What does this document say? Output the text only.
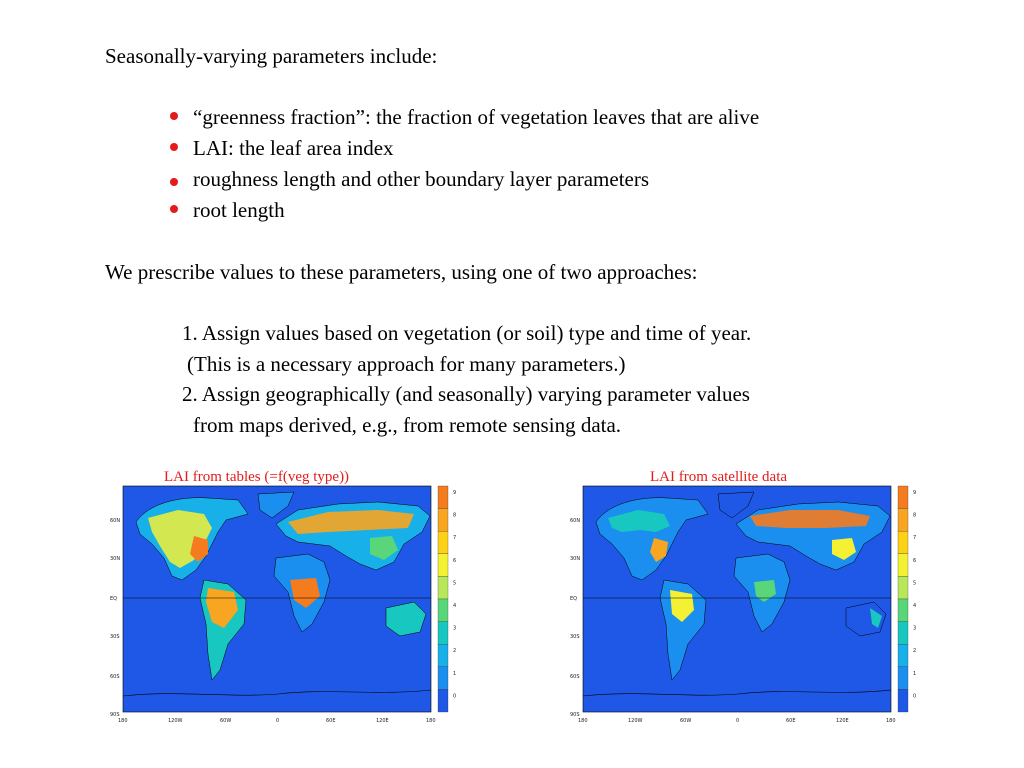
Seasonally-varying parameters include:
“greenness fraction”: the fraction of vegetation leaves that are alive
LAI: the leaf area index
roughness length and other boundary layer parameters
root length
We prescribe values to these parameters, using one of two approaches:
1. Assign values based on vegetation (or soil) type and time of year.
(This is a necessary approach for many parameters.)
2. Assign geographically (and seasonally) varying parameter values
from maps derived, e.g., from remote sensing data.
LAI from tables (=f(veg type))	LAI from satellite data
60N
30N
EQ
30S
60S
90S
180	120W	60W	0	60E	120E	180
9
8
7
6
5
4
3
2
1
0
60N
30N
EQ
30S
60S
90S
180	120W	60W	0	60E	120E	180
9
8
7
6
5
4
3
2
1
0
